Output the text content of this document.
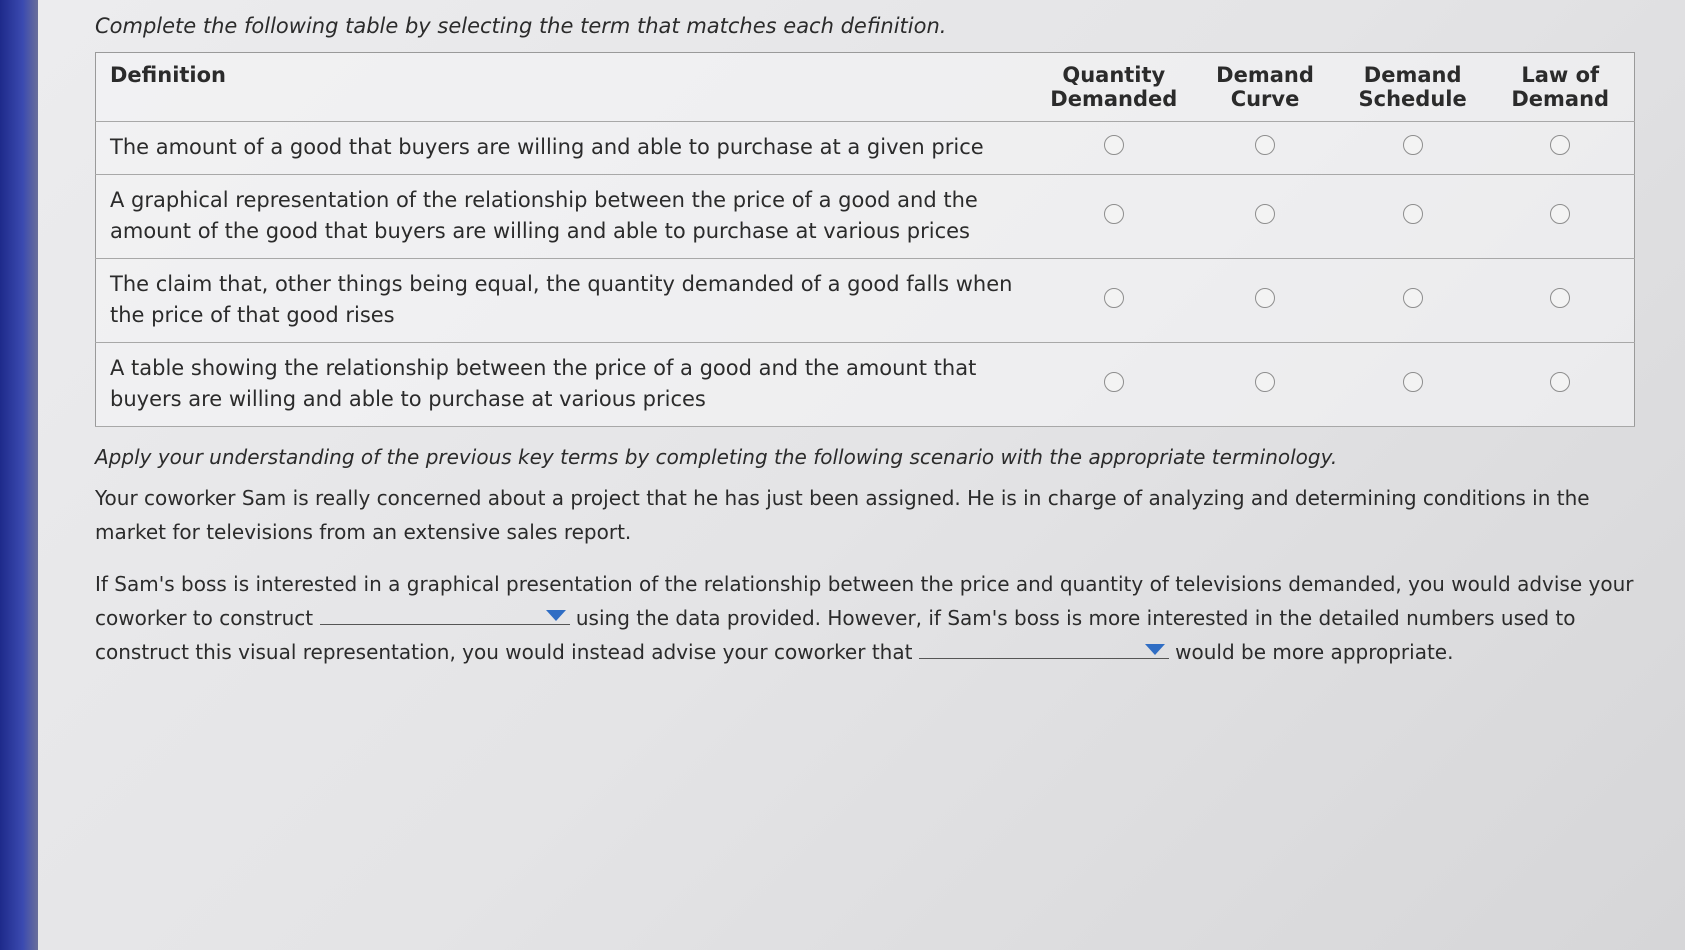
Complete the following table by selecting the term that matches each definition.
Definition	Quantity Demanded	Demand Curve	Demand Schedule	Law of Demand
The amount of a good that buyers are willing and able to purchase at a given price				
A graphical representation of the relationship between the price of a good and the amount of the good that buyers are willing and able to purchase at various prices				
The claim that, other things being equal, the quantity demanded of a good falls when the price of that good rises				
A table showing the relationship between the price of a good and the amount that buyers are willing and able to purchase at various prices				
Apply your understanding of the previous key terms by completing the following scenario with the appropriate terminology.

Your coworker Sam is really concerned about a project that he has just been assigned. He is in charge of analyzing and determining conditions in the market for televisions from an extensive sales report.

If Sam's boss is interested in a graphical presentation of the relationship between the price and quantity of televisions demanded, you would advise your coworker to construct	using the data provided. However, if Sam's boss is more interested in the detailed numbers used to construct this visual representation, you would instead advise your coworker that	would be more appropriate.
